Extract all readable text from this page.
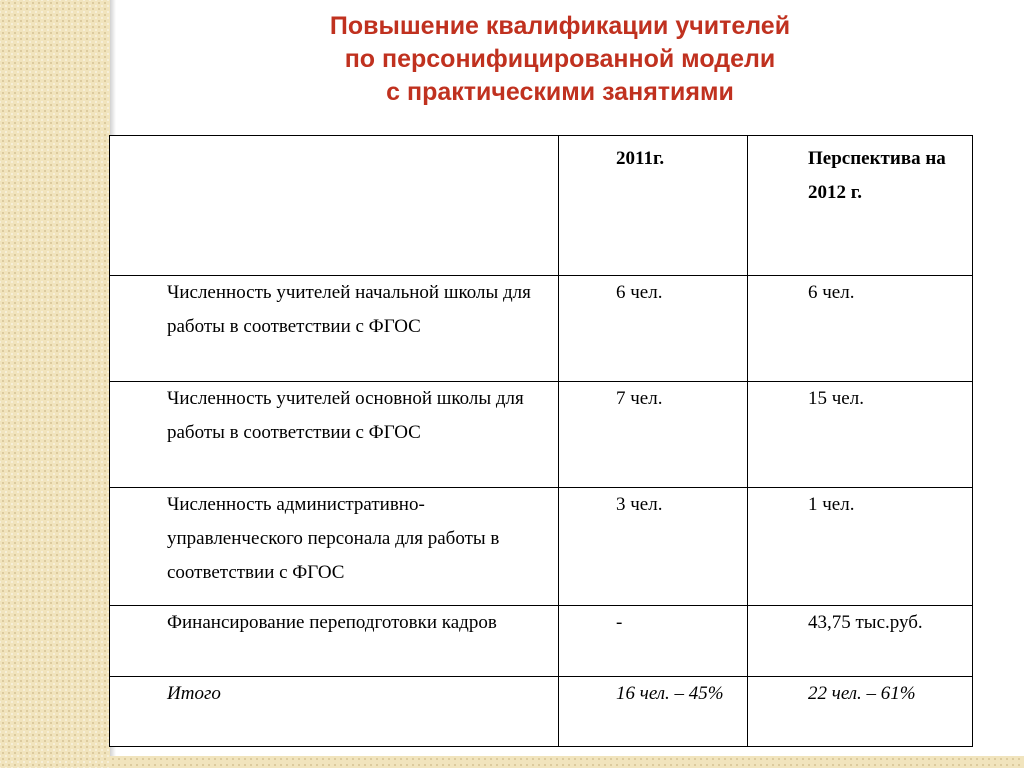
Повышение квалификации учителей
по персонифицированной модели
с практическими занятиями
	2011г.	Перспектива на 2012 г.
Численность учителей начальной школы для работы в соответствии с ФГОС	6 чел.	6 чел.
Численность учителей основной школы для работы в соответствии с ФГОС	7 чел.	15 чел.
Численность административно-управленческого персонала для работы в соответствии с ФГОС	3 чел.	1 чел.
Финансирование переподготовки кадров	-	43,75 тыс.руб.
Итого	16 чел. – 45%	22 чел. – 61%
